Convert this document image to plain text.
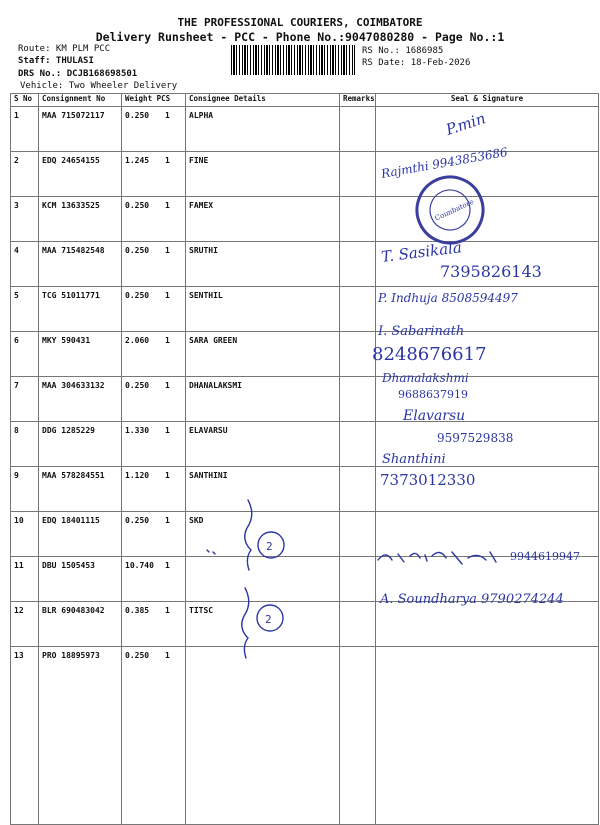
THE PROFESSIONAL COURIERS, COIMBATORE
Delivery Runsheet - PCC - Phone No.:9047080280 - Page No.:1
Route: KM PLM PCC
Staff: THULASI
DRS No.: DCJB168698501
Vehicle: Two Wheeler Delivery
RS No.: 1686985
RS Date: 18-Feb-2026
S No	Consignment No	Weight PCS	Consignee Details	Remarks	Seal & Signature
1	MAA 715072117	0.250 1	ALPHA		
2	EDQ 24654155	1.245 1	FINE		
3	KCM 13633525	0.250 1	FAMEX		
4	MAA 715482548	0.250 1	SRUTHI		
5	TCG 51011771	0.250 1	SENTHIL		
6	MKY 590431	2.060 1	SARA GREEN		
7	MAA 304633132	0.250 1	DHANALAKSMI		
8	DDG 1285229	1.330 1	ELAVARSU		
9	MAA 578284551	1.120 1	SANTHINI		
10	EDQ 18401115	0.250 1	SKD		
11	DBU 1505453	10.740 1			
12	BLR 690483042	0.385 1	TITSC		
13	PRO 18895973	0.250 1			
P.min
Rajmthi 9943853686
Coimbatore
T. Sasikala
7395826143
P. Indhuja 8508594497
I. Sabarinath
8248676617
Dhanalakshmi
9688637919
Elavarsu
9597529838
Shanthini
7373012330
9944619947
A. Soundharya 9790274244
2
2
